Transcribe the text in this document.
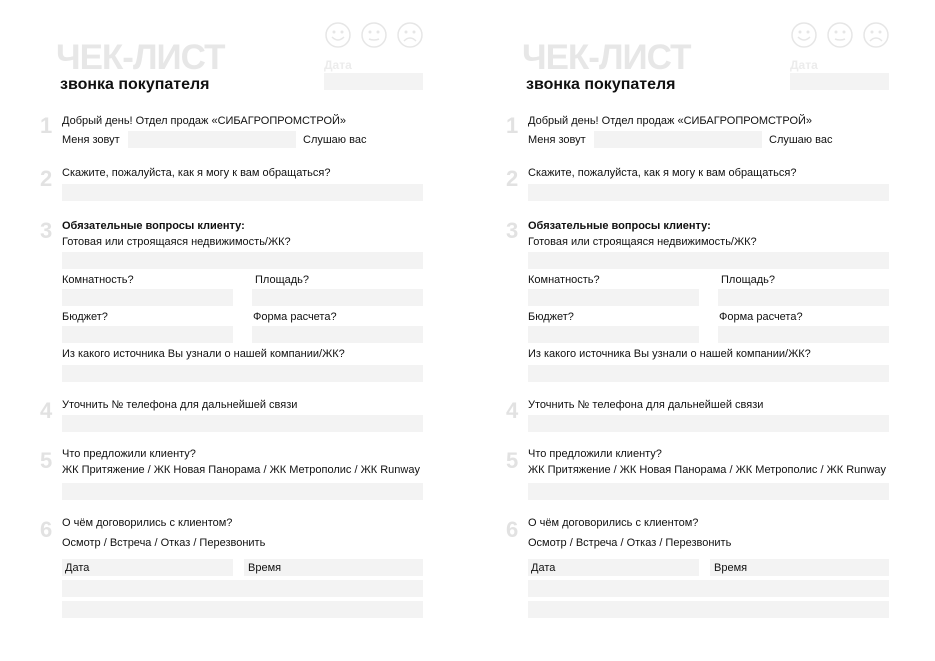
ЧЕК-ЛИСТ
звонка покупателя
Дата
1 Добрый день! Отдел продаж «СИБАГРОПРОМСТРОЙ»
Меня зовут	Слушаю вас
2 Скажите, пожалуйста, как я могу к вам обращаться?
3 Обязательные вопросы клиенту:
Готовая или строящаяся недвижимость/ЖК?
Комнатность?	Площадь?
Бюджет?	Форма расчета?
Из какого источника Вы узнали о нашей компании/ЖК?
4 Уточнить № телефона для дальнейшей связи
5 Что предложили клиенту?
ЖК Притяжение / ЖК Новая Панорама / ЖК Метрополис / ЖК Runway
6 О чём договорились с клиентом?
Осмотр / Встреча / Отказ / Перезвонить
Дата	Время
ЧЕК-ЛИСТ
звонка покупателя
Дата
1 Добрый день! Отдел продаж «СИБАГРОПРОМСТРОЙ»
Меня зовут	Слушаю вас
2 Скажите, пожалуйста, как я могу к вам обращаться?
3 Обязательные вопросы клиенту:
Готовая или строящаяся недвижимость/ЖК?
Комнатность?	Площадь?
Бюджет?	Форма расчета?
Из какого источника Вы узнали о нашей компании/ЖК?
4 Уточнить № телефона для дальнейшей связи
5 Что предложили клиенту?
ЖК Притяжение / ЖК Новая Панорама / ЖК Метрополис / ЖК Runway
6 О чём договорились с клиентом?
Осмотр / Встреча / Отказ / Перезвонить
Дата	Время
